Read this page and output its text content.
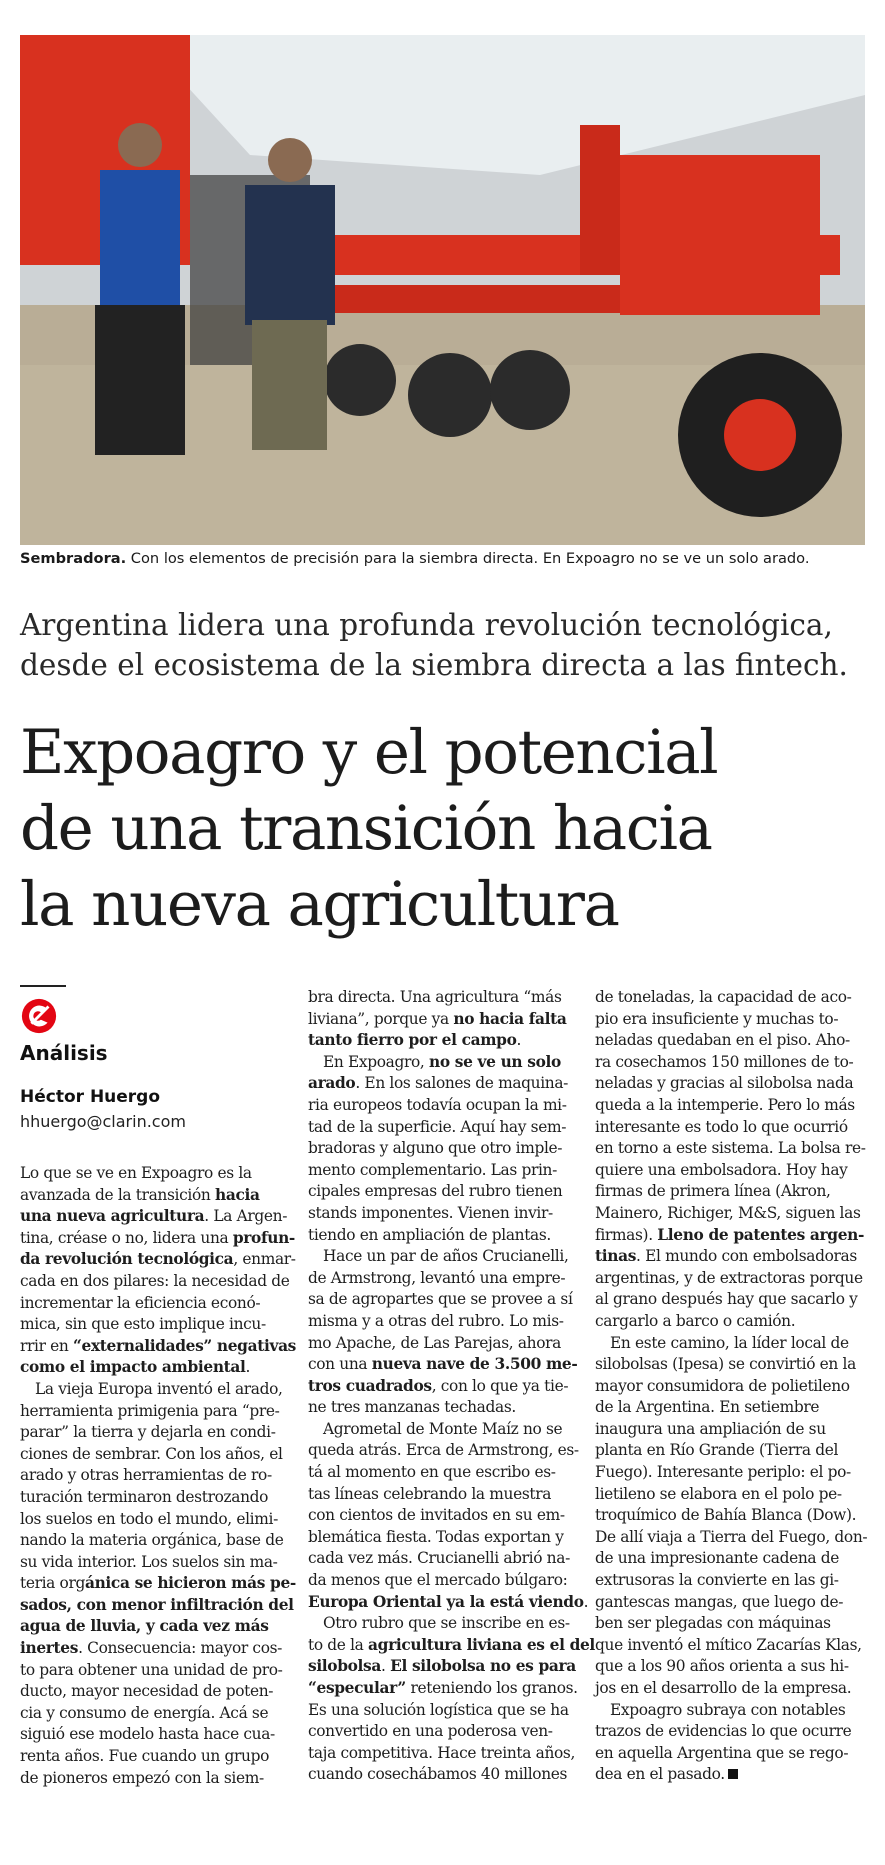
Sembradora. Con los elementos de precisión para la siembra directa. En Expoagro no se ve un solo arado.
Argentina lidera una profunda revolución tecnológica,
desde el ecosistema de la siembra directa a las fintech.
Expoagro y el potencial
de una transición hacia
la nueva agricultura
Análisis
Héctor Huergo
hhuergo@clarin.com
Lo que se ve en Expoagro es la
avanzada de la transición hacia
una nueva agricultura. La Argen-
tina, créase o no, lidera una profun-
da revolución tecnológica, enmar-
cada en dos pilares: la necesidad de
incrementar la eficiencia econó-
mica, sin que esto implique incu-
rrir en “externalidades” negativas
como el impacto ambiental.
 La vieja Europa inventó el arado,
herramienta primigenia para “pre-
parar” la tierra y dejarla en condi-
ciones de sembrar. Con los años, el
arado y otras herramientas de ro-
turación terminaron destrozando
los suelos en todo el mundo, elimi-
nando la materia orgánica, base de
su vida interior. Los suelos sin ma-
teria orgánica se hicieron más pe-
sados, con menor infiltración del
agua de lluvia, y cada vez más
inertes. Consecuencia: mayor cos-
to para obtener una unidad de pro-
ducto, mayor necesidad de poten-
cia y consumo de energía. Acá se
siguió ese modelo hasta hace cua-
renta años. Fue cuando un grupo
de pioneros empezó con la siem-
bra directa. Una agricultura “más
liviana”, porque ya no hacia falta
tanto fierro por el campo.
 En Expoagro, no se ve un solo
arado. En los salones de maquina-
ria europeos todavía ocupan la mi-
tad de la superficie. Aquí hay sem-
bradoras y alguno que otro imple-
mento complementario. Las prin-
cipales empresas del rubro tienen
stands imponentes. Vienen invir-
tiendo en ampliación de plantas.
 Hace un par de años Crucianelli,
de Armstrong, levantó una empre-
sa de agropartes que se provee a sí
misma y a otras del rubro. Lo mis-
mo Apache, de Las Parejas, ahora
con una nueva nave de 3.500 me-
tros cuadrados, con lo que ya tie-
ne tres manzanas techadas.
 Agrometal de Monte Maíz no se
queda atrás. Erca de Armstrong, es-
tá al momento en que escribo es-
tas líneas celebrando la muestra
con cientos de invitados en su em-
blemática fiesta. Todas exportan y
cada vez más. Crucianelli abrió na-
da menos que el mercado búlgaro:
Europa Oriental ya la está viendo.
 Otro rubro que se inscribe en es-
to de la agricultura liviana es el del
silobolsa. El silobolsa no es para
“especular” reteniendo los granos.
Es una solución logística que se ha
convertido en una poderosa ven-
taja competitiva. Hace treinta años,
cuando cosechábamos 40 millones
de toneladas, la capacidad de aco-
pio era insuficiente y muchas to-
neladas quedaban en el piso. Aho-
ra cosechamos 150 millones de to-
neladas y gracias al silobolsa nada
queda a la intemperie. Pero lo más
interesante es todo lo que ocurrió
en torno a este sistema. La bolsa re-
quiere una embolsadora. Hoy hay
firmas de primera línea (Akron,
Mainero, Richiger, M&S, siguen las
firmas). Lleno de patentes argen-
tinas. El mundo con embolsadoras
argentinas, y de extractoras porque
al grano después hay que sacarlo y
cargarlo a barco o camión.
 En este camino, la líder local de
silobolsas (Ipesa) se convirtió en la
mayor consumidora de polietileno
de la Argentina. En setiembre
inaugura una ampliación de su
planta en Río Grande (Tierra del
Fuego). Interesante periplo: el po-
lietileno se elabora en el polo pe-
troquímico de Bahía Blanca (Dow).
De allí viaja a Tierra del Fuego, don-
de una impresionante cadena de
extrusoras la convierte en las gi-
gantescas mangas, que luego de-
ben ser plegadas con máquinas
que inventó el mítico Zacarías Klas,
que a los 90 años orienta a sus hi-
jos en el desarrollo de la empresa.
 Expoagro subraya con notables
trazos de evidencias lo que ocurre
en aquella Argentina que se rego-
dea en el pasado.
